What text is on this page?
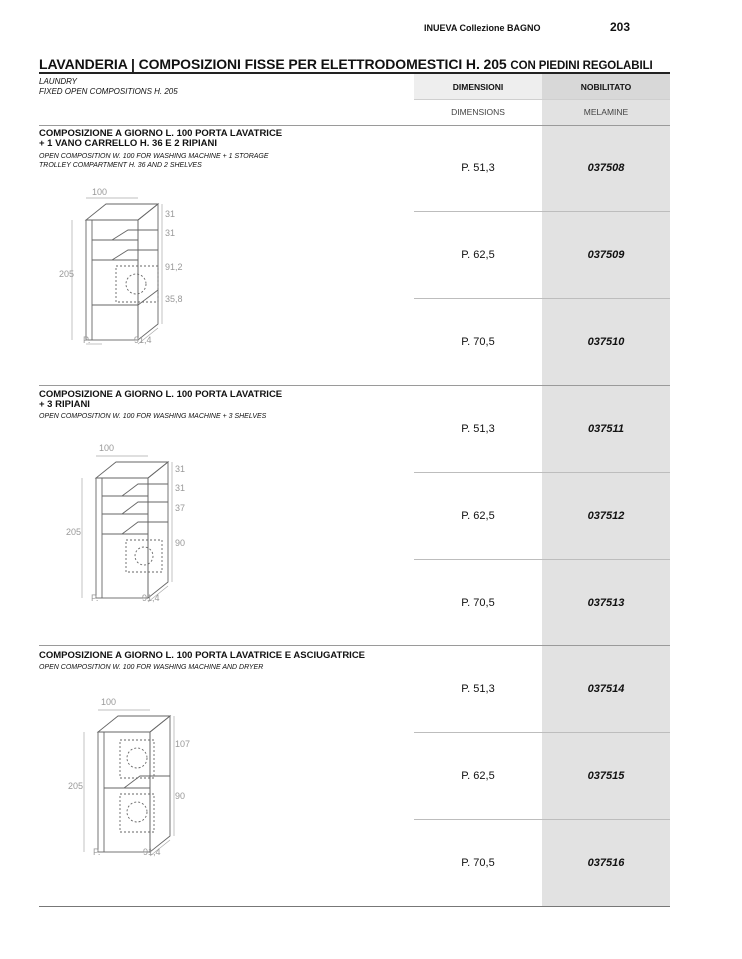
INUEVA Collezione BAGNO	203
LAVANDERIA | COMPOSIZIONI FISSE PER ELETTRODOMESTICI H. 205 CON PIEDINI REGOLABILI
LAUNDRY
FIXED OPEN COMPOSITIONS H. 205	DIMENSIONI	NOBILITATO
DIMENSIONS	MELAMINE
COMPOSIZIONE A GIORNO L. 100 PORTA LAVATRICE
+ 1 VANO CARRELLO H. 36 E 2 RIPIANI
OPEN COMPOSITION W. 100 FOR WASHING MACHINE + 1 STORAGE
TROLLEY COMPARTMENT H. 36 AND 2 SHELVES
100
205
31
31
91,2
35,8
P.	91,4
P. 51,3	037508
P. 62,5	037509
P. 70,5	037510
COMPOSIZIONE A GIORNO L. 100 PORTA LAVATRICE
+ 3 RIPIANI
OPEN COMPOSITION W. 100 FOR WASHING MACHINE + 3 SHELVES
100
205
31
31
37
90
P.	91,4
P. 51,3	037511
P. 62,5	037512
P. 70,5	037513
COMPOSIZIONE A GIORNO L. 100 PORTA LAVATRICE E ASCIUGATRICE
OPEN COMPOSITION W. 100 FOR WASHING MACHINE AND DRYER
100
205
107
90
P.	91,4
P. 51,3	037514
P. 62,5	037515
P. 70,5	037516
